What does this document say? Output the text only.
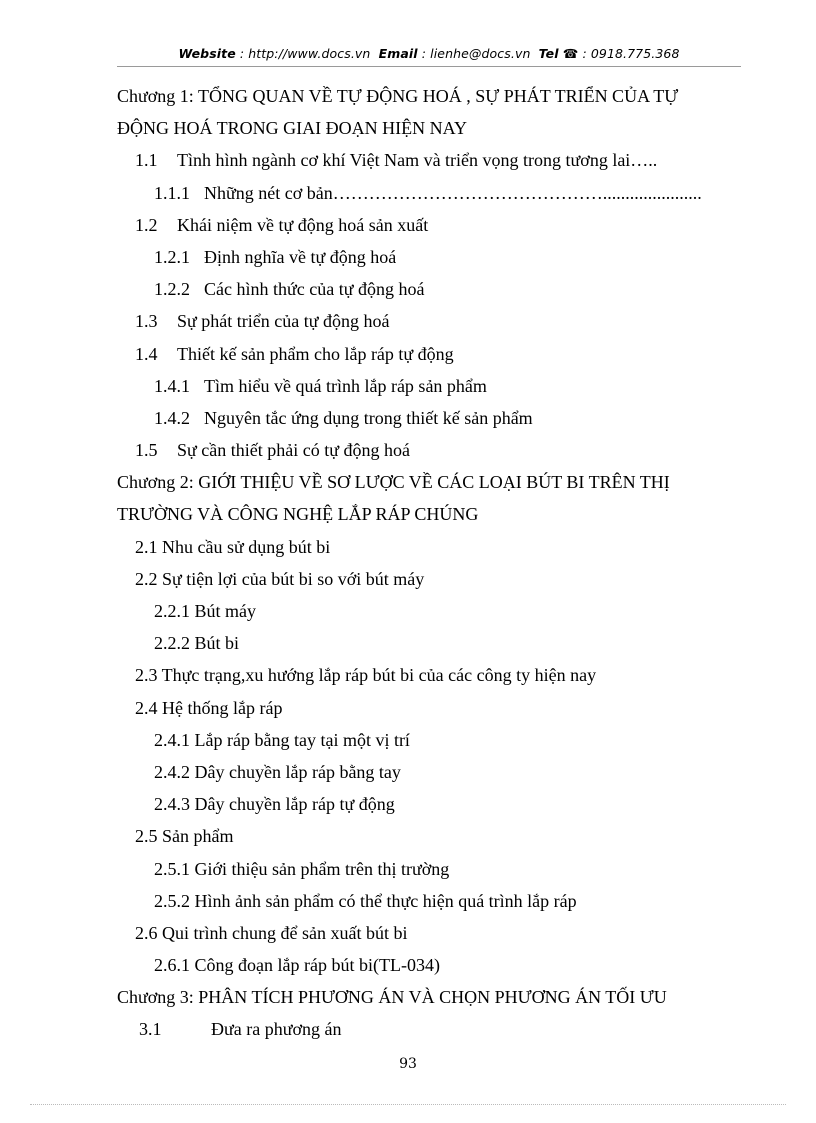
Website : http://www.docs.vn Email : lienhe@docs.vn Tel ☎ : 0918.775.368
Chương 1: TỔNG QUAN VỀ TỰ ĐỘNG HOÁ , SỰ PHÁT TRIỂN CỦA TỰ
ĐỘNG HOÁ TRONG GIAI ĐOẠN HIỆN NAY
1.1 Tình hình ngành cơ khí Việt Nam và triển vọng trong tương lai…..
1.1.1 Những nét cơ bản………………………………………......................
1.2 Khái niệm về tự động hoá sản xuất
1.2.1 Định nghĩa về tự động hoá
1.2.2 Các hình thức của tự động hoá
1.3 Sự phát triển của tự động hoá
1.4 Thiết kế sản phẩm cho lắp ráp tự động
1.4.1 Tìm hiểu về quá trình lắp ráp sản phẩm
1.4.2 Nguyên tắc ứng dụng trong thiết kế sản phẩm
1.5 Sự cần thiết phải có tự động hoá
Chương 2: GIỚI THIỆU VỀ SƠ LƯỢC VỀ CÁC LOẠI BÚT BI TRÊN THỊ
TRƯỜNG VÀ CÔNG NGHỆ LẮP RÁP CHÚNG
2.1 Nhu cầu sử dụng bút bi
2.2 Sự tiện lợi của bút bi so với bút máy
2.2.1 Bút máy
2.2.2 Bút bi
2.3 Thực trạng,xu hướng lắp ráp bút bi của các công ty hiện nay
2.4 Hệ thống lắp ráp
2.4.1 Lắp ráp bằng tay tại một vị trí
2.4.2 Dây chuyền lắp ráp bằng tay
2.4.3 Dây chuyền lắp ráp tự động
2.5 Sản phẩm
2.5.1 Giới thiệu sản phẩm trên thị trường
2.5.2 Hình ảnh sản phẩm có thể thực hiện quá trình lắp ráp
2.6 Qui trình chung để sản xuất bút bi
2.6.1 Công đoạn lắp ráp bút bi(TL-034)
Chương 3: PHÂN TÍCH PHƯƠNG ÁN VÀ CHỌN PHƯƠNG ÁN TỐI ƯU
3.1	Đưa ra phương án
93
